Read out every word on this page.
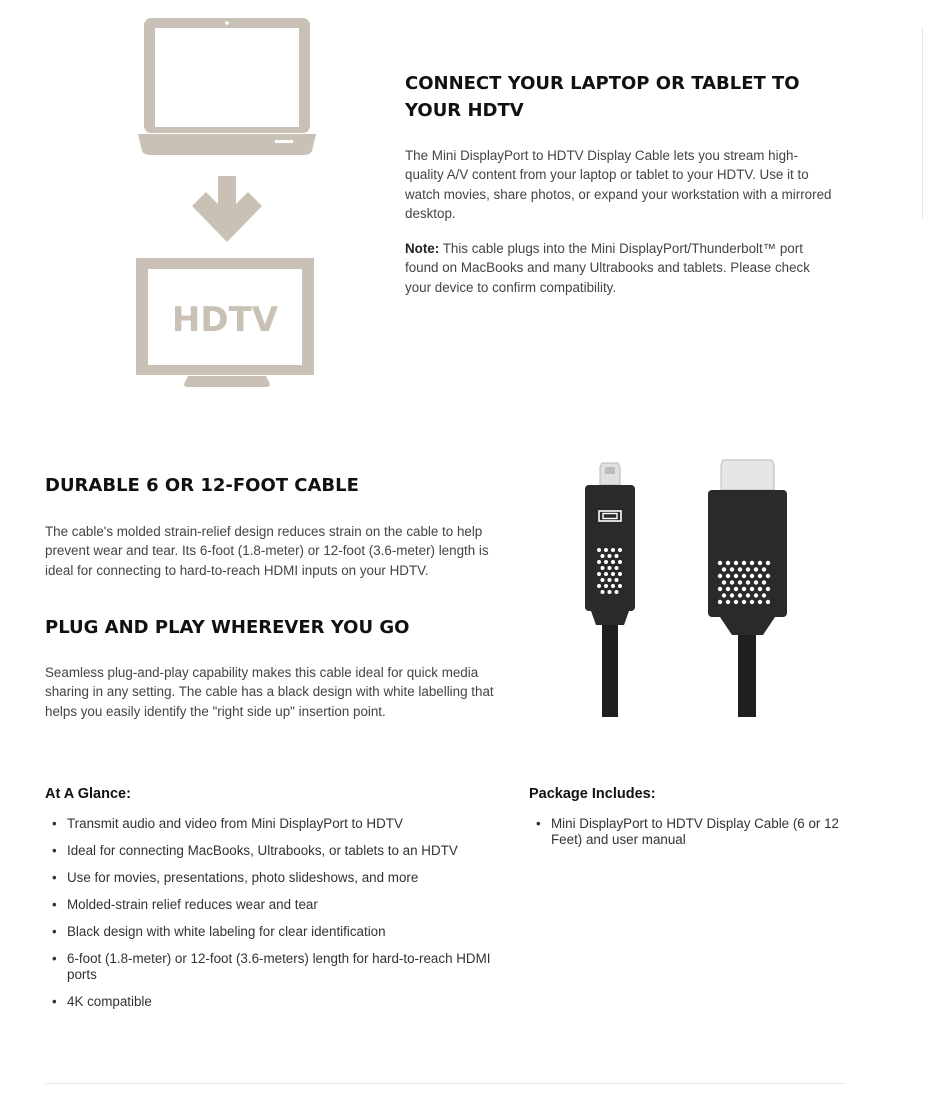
HDTV
CONNECT YOUR LAPTOP OR TABLET TO YOUR HDTV

The Mini DisplayPort to HDTV Display Cable lets you stream high-quality A/V content from your laptop or tablet to your HDTV. Use it to watch movies, share photos, or expand your workstation with a mirrored desktop.

Note: This cable plugs into the Mini DisplayPort/Thunderbolt™ port found on MacBooks and many Ultrabooks and tablets. Please check your device to confirm compatibility.

DURABLE 6 OR 12-FOOT CABLE

The cable's molded strain-relief design reduces strain on the cable to help prevent wear and tear. Its 6-foot (1.8-meter) or 12-foot (3.6-meter) length is ideal for connecting to hard-to-reach HDMI inputs on your HDTV.

PLUG AND PLAY WHEREVER YOU GO

Seamless plug-and-play capability makes this cable ideal for quick media sharing in any setting. The cable has a black design with white labelling that helps you easily identify the "right side up" insertion point.

At A Glance:
• Transmit audio and video from Mini DisplayPort to HDTV
• Ideal for connecting MacBooks, Ultrabooks, or tablets to an HDTV
• Use for movies, presentations, photo slideshows, and more
• Molded-strain relief reduces wear and tear
• Black design with white labeling for clear identification
• 6-foot (1.8-meter) or 12-foot (3.6-meters) length for hard-to-reach HDMI ports
• 4K compatible
Package Includes:
• Mini DisplayPort to HDTV Display Cable (6 or 12 Feet) and user manual
